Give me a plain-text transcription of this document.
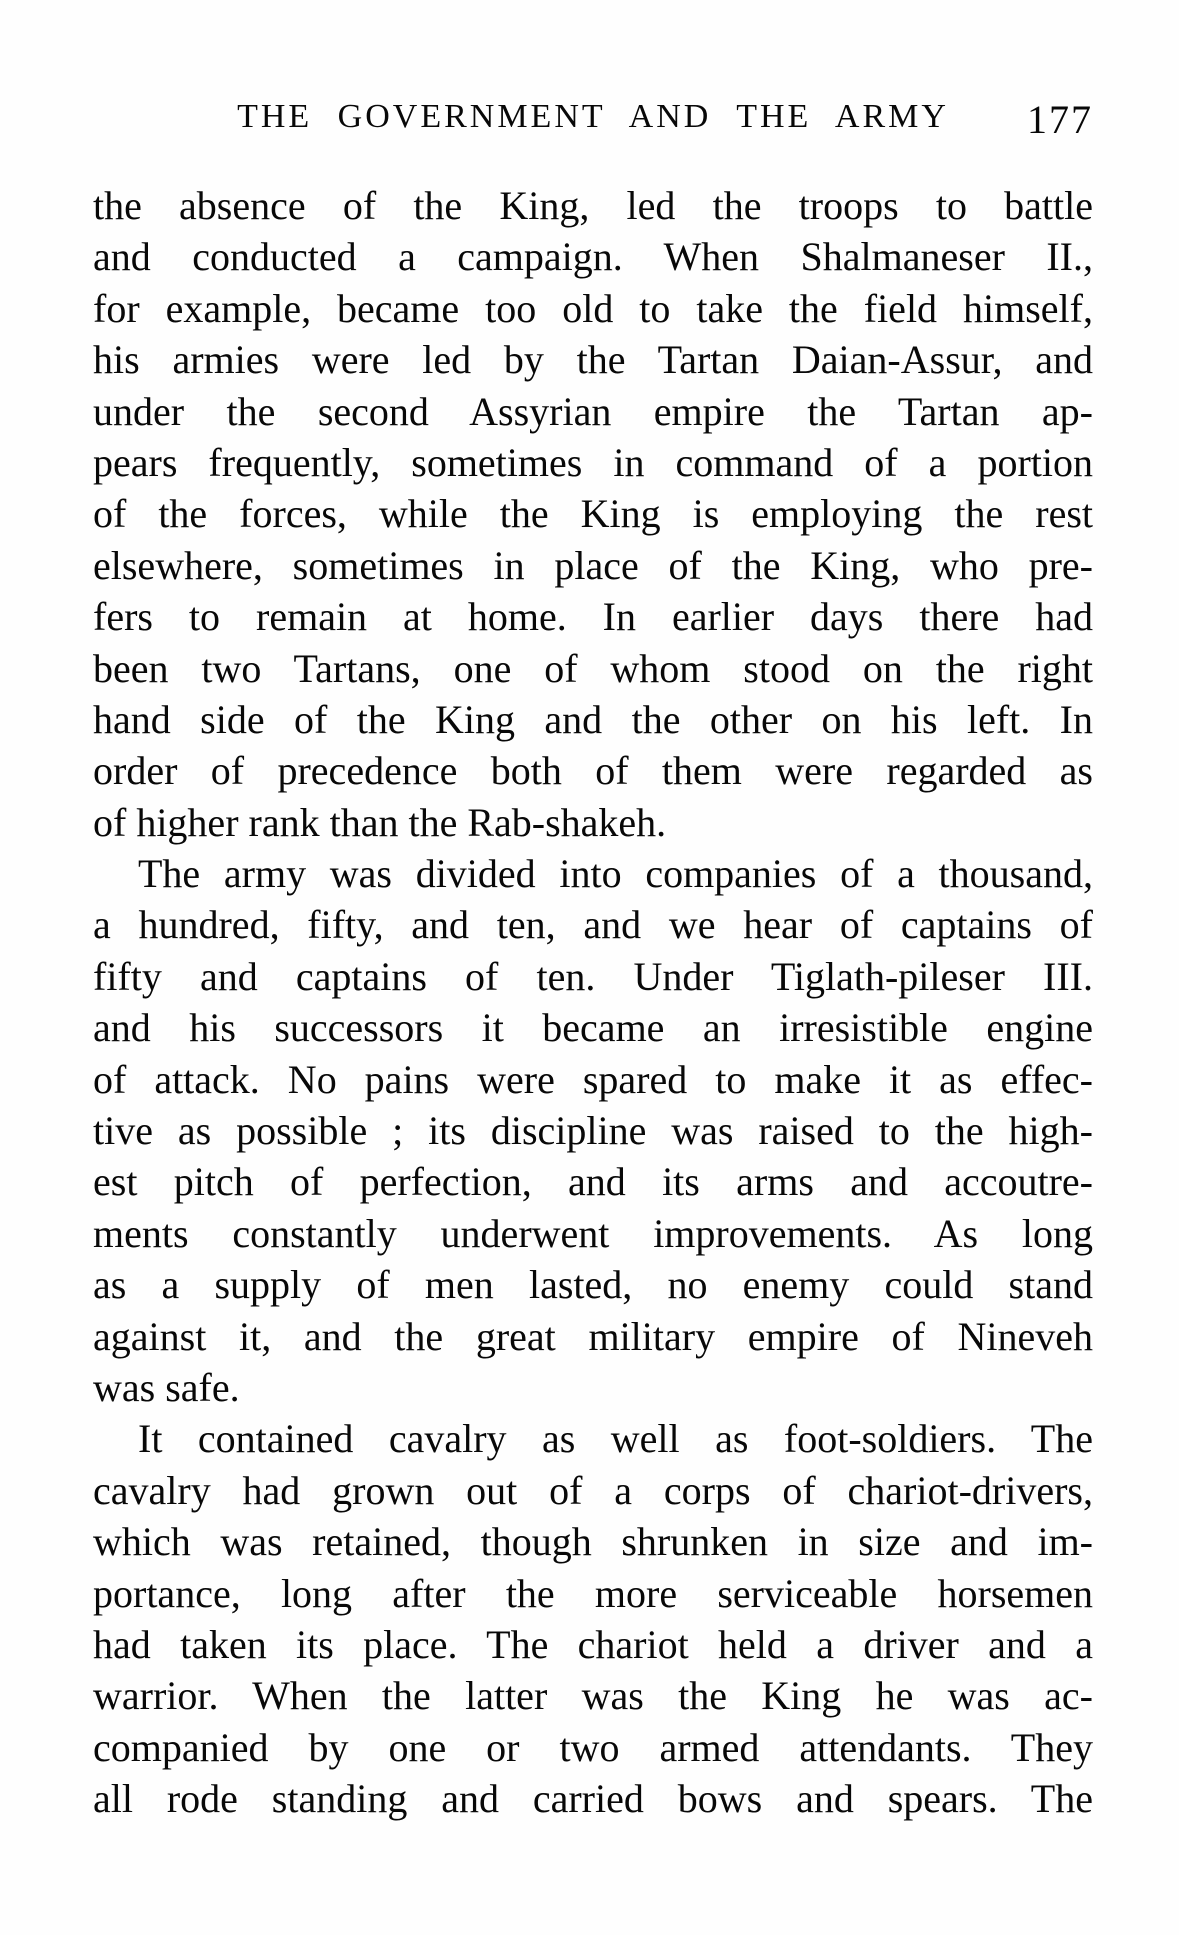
THE GOVERNMENT AND THE ARMY 177

the absence of the King, led the troops to battle
and conducted a campaign. When Shalmaneser II.,
for example, became too old to take the field himself,
his armies were led by the Tartan Daian-Assur, and
under the second Assyrian empire the Tartan ap-
pears frequently, sometimes in command of a portion
of the forces, while the King is employing the rest
elsewhere, sometimes in place of the King, who pre-
fers to remain at home. In earlier days there had
been two Tartans, one of whom stood on the right
hand side of the King and the other on his left. In
order of precedence both of them were regarded as
of higher rank than the Rab-shakeh.

The army was divided into companies of a thousand,
a hundred, fifty, and ten, and we hear of captains of
fifty and captains of ten. Under Tiglath-pileser III.
and his successors it became an irresistible engine
of attack. No pains were spared to make it as effec-
tive as possible ; its discipline was raised to the high-
est pitch of perfection, and its arms and accoutre-
ments constantly underwent improvements. As long
as a supply of men lasted, no enemy could stand
against it, and the great military empire of Nineveh
was safe.

It contained cavalry as well as foot-soldiers. The
cavalry had grown out of a corps of chariot-drivers,
which was retained, though shrunken in size and im-
portance, long after the more serviceable horsemen
had taken its place. The chariot held a driver and a
warrior. When the latter was the King he was ac-
companied by one or two armed attendants. They
all rode standing and carried bows and spears. The
